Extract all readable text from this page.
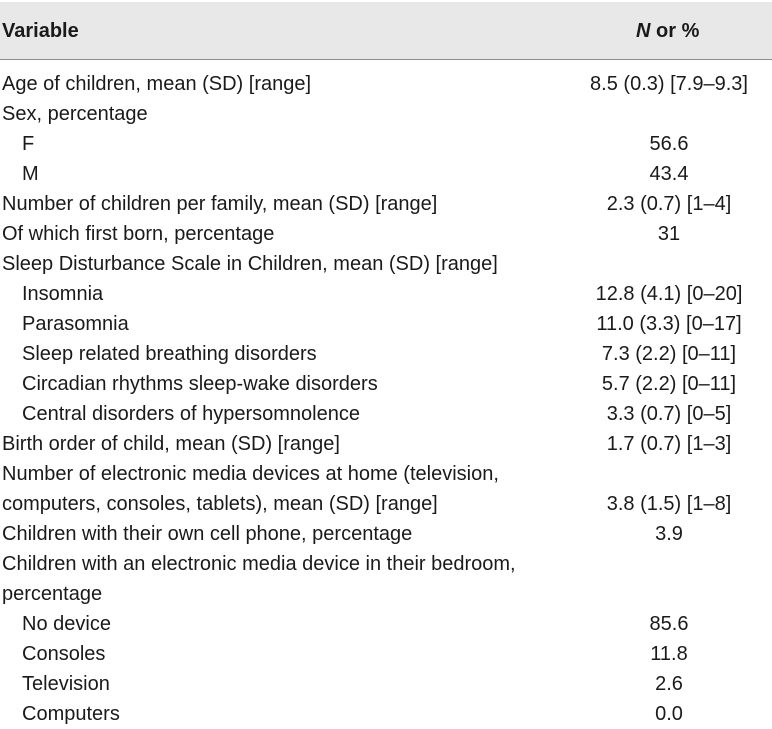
Variable	N or %
Age of children, mean (SD) [range]	8.5 (0.3) [7.9–9.3]
Sex, percentage
F	56.6
M	43.4
Number of children per family, mean (SD) [range]	2.3 (0.7) [1–4]
Of which first born, percentage	31
Sleep Disturbance Scale in Children, mean (SD) [range]
Insomnia	12.8 (4.1) [0–20]
Parasomnia	11.0 (3.3) [0–17]
Sleep related breathing disorders	7.3 (2.2) [0–11]
Circadian rhythms sleep-wake disorders	5.7 (2.2) [0–11]
Central disorders of hypersomnolence	3.3 (0.7) [0–5]
Birth order of child, mean (SD) [range]	1.7 (0.7) [1–3]
Number of electronic media devices at home (television, computers, consoles, tablets), mean (SD) [range]	3.8 (1.5) [1–8]
Children with their own cell phone, percentage	3.9
Children with an electronic media device in their bedroom, percentage
No device	85.6
Consoles	11.8
Television	2.6
Computers	0.0
